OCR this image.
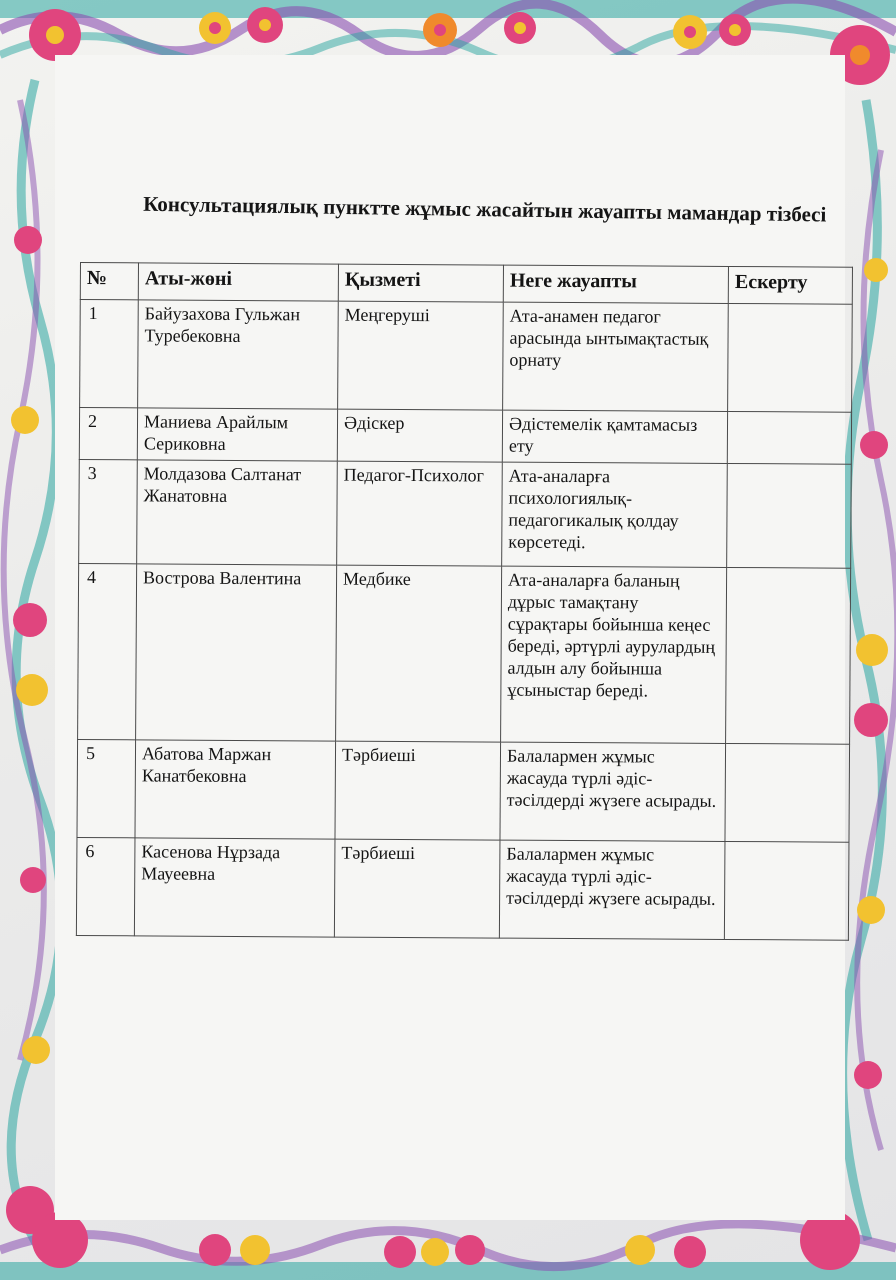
Консультациялық пунктте жұмыс жасайтын жауапты мамандар тізбесі
№	Аты-жөні	Қызметі	Неге жауапты	Ескерту
1	Байузахова Гульжан Туребековна	Меңгеруші	Ата-анамен педагог арасында ынтымақтастық орнату	
2	Маниева Арайлым Сериковна	Әдіскер	Әдістемелік қамтамасыз ету	
3	Молдазова Салтанат Жанатовна	Педагог-Психолог	Ата-аналарға психологиялық-педагогикалық қолдау көрсетеді.	
4	Вострова Валентина	Медбике	Ата-аналарға баланың дұрыс тамақтану сұрақтары бойынша кеңес береді, әртүрлі аурулардың алдын алу бойынша ұсыныстар береді.	
5	Абатова Маржан Канатбековна	Тәрбиеші	Балалармен жұмыс жасауда түрлі әдіс-тәсілдерді жүзеге асырады.	
6	Касенова Нұрзада Мауеевна	Тәрбиеші	Балалармен жұмыс жасауда түрлі әдіс-тәсілдерді жүзеге асырады.	
